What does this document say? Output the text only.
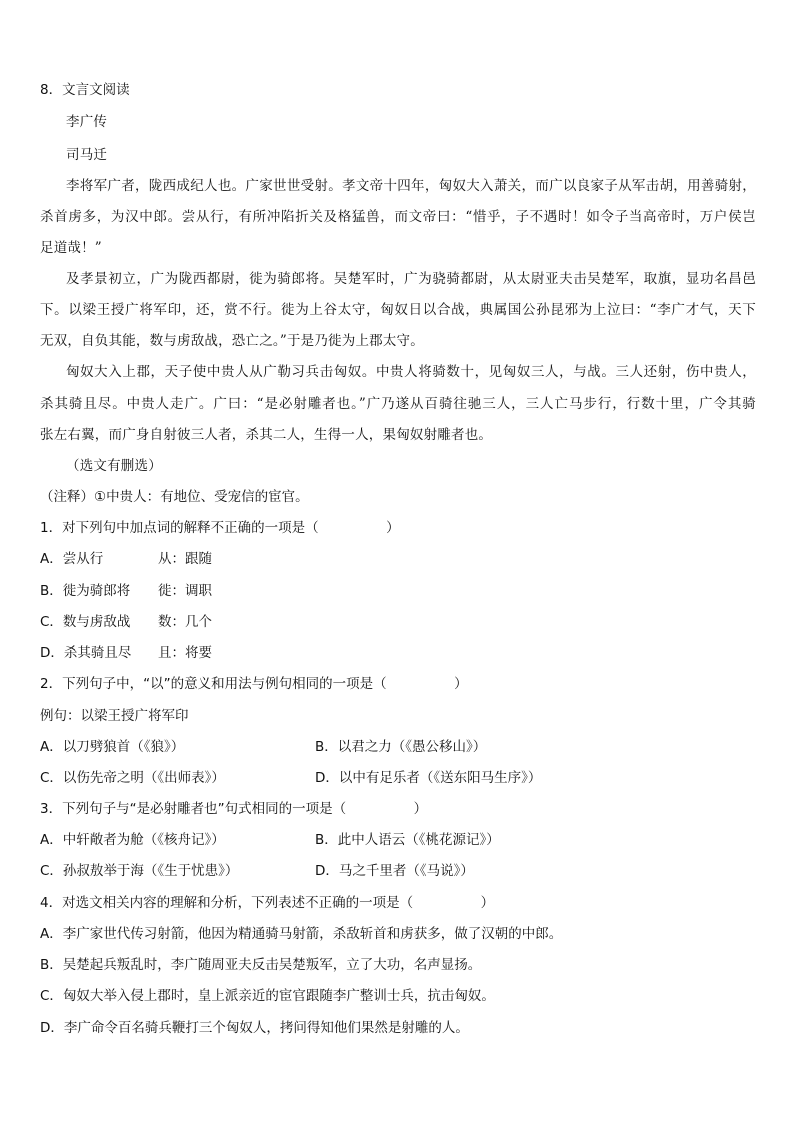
8．文言文阅读
李广传
司马迁
李将军广者，陇西成纪人也。广家世世受射。孝文帝十四年，匈奴大入萧关，而广以良家子从军击胡，用善骑射，
杀首虏多，为汉中郎。尝从行，有所冲陷折关及格猛兽，而文帝曰：“惜乎，子不遇时！如令子当高帝时，万户侯岂
足道哉！”
及孝景初立，广为陇西都尉，徙为骑郎将。吴楚军时，广为骁骑都尉，从太尉亚夫击吴楚军，取旗，显功名昌邑
下。以梁王授广将军印，还，赏不行。徙为上谷太守，匈奴日以合战，典属国公孙昆邪为上泣曰：“李广才气，天下
无双，自负其能，数与虏敌战，恐亡之。”于是乃徙为上郡太守。
匈奴大入上郡，天子使中贵人从广勒习兵击匈奴。中贵人将骑数十，见匈奴三人，与战。三人还射，伤中贵人，
杀其骑且尽。中贵人走广。广曰：“是必射雕者也。”广乃遂从百骑往驰三人，三人亡马步行，行数十里，广令其骑
张左右翼，而广身自射彼三人者，杀其二人，生得一人，果匈奴射雕者也。
（选文有删选）
（注释）①中贵人：有地位、受宠信的宦官。
1．对下列句中加点词的解释不正确的一项是（　　　　　）
A．尝从行	从：跟随
B．徙为骑郎将 徙：调职
C．数与虏敌战 数：几个
D．杀其骑且尽 且：将要
2．下列句子中，“以”的意义和用法与例句相同的一项是（　　　　　）
例句：以梁王授广将军印
A．以刀劈狼首（《狼》）	B．以君之力（《愚公移山》）
C．以伤先帝之明（《出师表》）	D．以中有足乐者（《送东阳马生序》）
3．下列句子与“是必射雕者也”句式相同的一项是（　　　　　）
A．中轩敞者为舱（《核舟记》）	B．此中人语云（《桃花源记》）
C．孙叔敖举于海（《生于忧患》）	D．马之千里者（《马说》）
4．对选文相关内容的理解和分析，下列表述不正确的一项是（　　　　　）
A．李广家世代传习射箭，他因为精通骑马射箭，杀敌斩首和虏获多，做了汉朝的中郎。
B．吴楚起兵叛乱时，李广随周亚夫反击吴楚叛军，立了大功，名声显扬。
C．匈奴大举入侵上郡时，皇上派亲近的宦官跟随李广整训士兵，抗击匈奴。
D．李广命令百名骑兵鞭打三个匈奴人，拷问得知他们果然是射雕的人。
